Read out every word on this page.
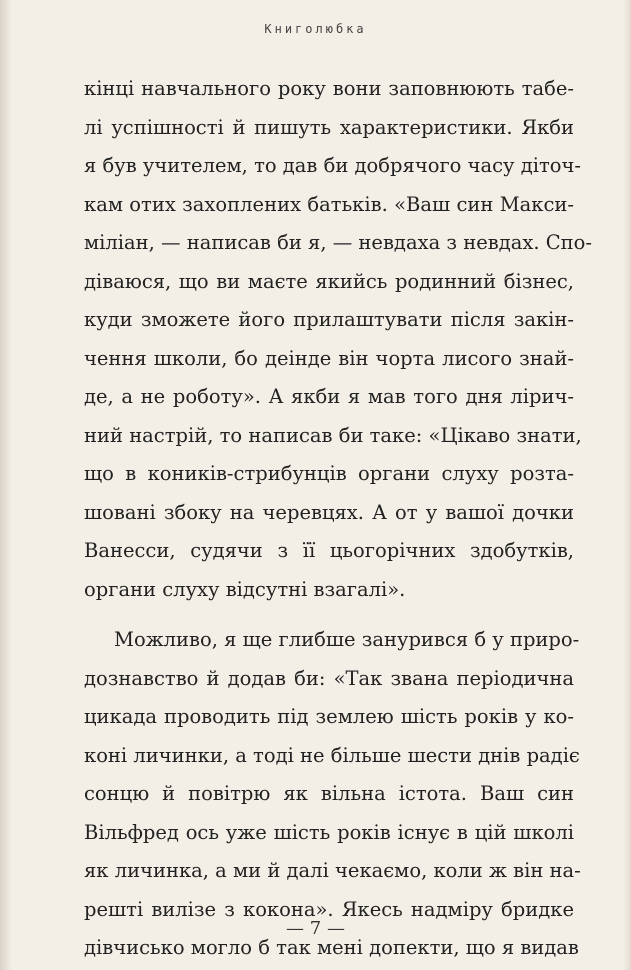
Книголюбка
кінці навчального року вони заповнюють табе-
лі успішності й пишуть характеристики. Якби
я був учителем, то дав би добрячого часу діточ-
кам отих захоплених батьків. «Ваш син Макси-
міліан, — написав би я, — невдаха з невдах. Спо-
діваюся, що ви маєте якийсь родинний бізнес,
куди зможете його прилаштувати після закін-
чення школи, бо деінде він чорта лисого знай-
де, а не роботу». А якби я мав того дня лірич-
ний настрій, то написав би таке: «Цікаво знати,
що в коників-стрибунців органи слуху розта-
шовані збоку на черевцях. А от у вашої дочки
Ванесси, судячи з її цьогорічних здобутків,
органи слуху відсутні взагалі».
Можливо, я ще глибше занурився б у приро-
дознавство й додав би: «Так звана періодична
цикада проводить під землею шість років у ко-
коні личинки, а тоді не більше шести днів радіє
сонцю й повітрю як вільна істота. Ваш син
Вільфред ось уже шість років існує в цій школі
як личинка, а ми й далі чекаємо, коли ж він на-
решті вилізе з кокона». Якесь надміру бридке
дівчисько могло б так мені допекти, що я видав
— 7 —
